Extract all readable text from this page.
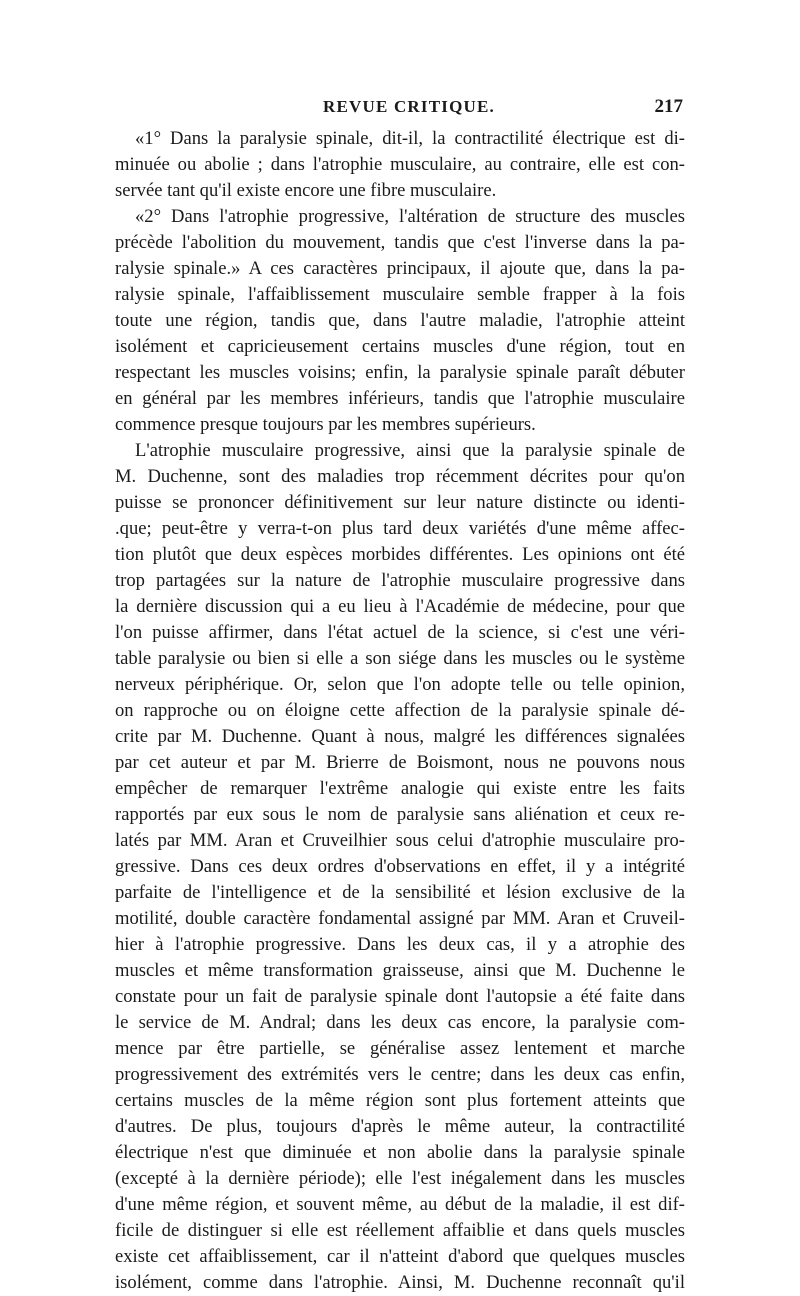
REVUE CRITIQUE.	217
«1° Dans la paralysie spinale, dit-il, la contractilité électrique est di-
minuée ou abolie ; dans l'atrophie musculaire, au contraire, elle est con-
servée tant qu'il existe encore une fibre musculaire.
«2° Dans l'atrophie progressive, l'altération de structure des muscles
précède l'abolition du mouvement, tandis que c'est l'inverse dans la pa-
ralysie spinale.» A ces caractères principaux, il ajoute que, dans la pa-
ralysie spinale, l'affaiblissement musculaire semble frapper à la fois
toute une région, tandis que, dans l'autre maladie, l'atrophie atteint
isolément et capricieusement certains muscles d'une région, tout en
respectant les muscles voisins; enfin, la paralysie spinale paraît débuter
en général par les membres inférieurs, tandis que l'atrophie musculaire
commence presque toujours par les membres supérieurs.
L'atrophie musculaire progressive, ainsi que la paralysie spinale de
M. Duchenne, sont des maladies trop récemment décrites pour qu'on
puisse se prononcer définitivement sur leur nature distincte ou identi-
.que; peut-être y verra-t-on plus tard deux variétés d'une même affec-
tion plutôt que deux espèces morbides différentes. Les opinions ont été
trop partagées sur la nature de l'atrophie musculaire progressive dans
la dernière discussion qui a eu lieu à l'Académie de médecine, pour que
l'on puisse affirmer, dans l'état actuel de la science, si c'est une véri-
table paralysie ou bien si elle a son siége dans les muscles ou le système
nerveux périphérique. Or, selon que l'on adopte telle ou telle opinion,
on rapproche ou on éloigne cette affection de la paralysie spinale dé-
crite par M. Duchenne. Quant à nous, malgré les différences signalées
par cet auteur et par M. Brierre de Boismont, nous ne pouvons nous
empêcher de remarquer l'extrême analogie qui existe entre les faits
rapportés par eux sous le nom de paralysie sans aliénation et ceux re-
latés par MM. Aran et Cruveilhier sous celui d'atrophie musculaire pro-
gressive. Dans ces deux ordres d'observations en effet, il y a intégrité
parfaite de l'intelligence et de la sensibilité et lésion exclusive de la
motilité, double caractère fondamental assigné par MM. Aran et Cruveil-
hier à l'atrophie progressive. Dans les deux cas, il y a atrophie des
muscles et même transformation graisseuse, ainsi que M. Duchenne le
constate pour un fait de paralysie spinale dont l'autopsie a été faite dans
le service de M. Andral; dans les deux cas encore, la paralysie com-
mence par être partielle, se généralise assez lentement et marche
progressivement des extrémités vers le centre; dans les deux cas enfin,
certains muscles de la même région sont plus fortement atteints que
d'autres. De plus, toujours d'après le même auteur, la contractilité
électrique n'est que diminuée et non abolie dans la paralysie spinale
(excepté à la dernière période); elle l'est inégalement dans les muscles
d'une même région, et souvent même, au début de la maladie, il est dif-
ficile de distinguer si elle est réellement affaiblie et dans quels muscles
existe cet affaiblissement, car il n'atteint d'abord que quelques muscles
isolément, comme dans l'atrophie. Ainsi, M. Duchenne reconnaît qu'il
